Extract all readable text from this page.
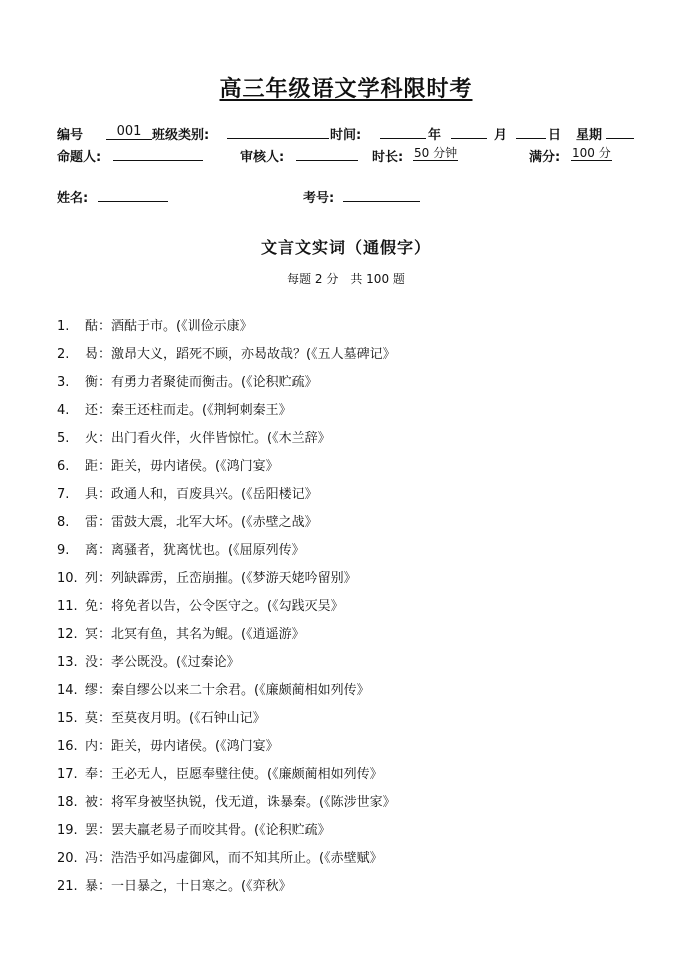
高三年级语文学科限时考
编号	001 班级类别:	时间:	年	月	日 星期
命题人:	审核人:	时长: 50 分钟	满分: 100 分
姓名:	考号:
文言文实词（通假字）
每题 2 分　共 100 题
1. 酤：酒酤于市。(《训俭示康》
2. 曷：激昂大义，蹈死不顾，亦曷故哉？(《五人墓碑记》
3. 衡：有勇力者聚徒而衡击。(《论积贮疏》
4. 还：秦王还柱而走。(《荆轲刺秦王》
5. 火：出门看火伴，火伴皆惊忙。(《木兰辞》
6. 距：距关，毋内诸侯。(《鸿门宴》
7. 具：政通人和，百废具兴。(《岳阳楼记》
8. 雷：雷鼓大震，北军大坏。(《赤壁之战》
9. 离：离骚者，犹离忧也。(《屈原列传》
10. 列：列缺霹雳，丘峦崩摧。(《梦游天姥吟留别》
11. 免：将免者以告，公令医守之。(《勾践灭吴》
12. 冥：北冥有鱼，其名为鲲。(《逍遥游》
13. 没：孝公既没。(《过秦论》
14. 缪：秦自缪公以来二十余君。(《廉颇蔺相如列传》
15. 莫：至莫夜月明。(《石钟山记》
16. 内：距关，毋内诸侯。(《鸿门宴》
17. 奉：王必无人，臣愿奉璧往使。(《廉颇蔺相如列传》
18. 被：将军身被坚执锐，伐无道，诛暴秦。(《陈涉世家》
19. 罢：罢夫羸老易子而咬其骨。(《论积贮疏》
20. 冯：浩浩乎如冯虚御风，而不知其所止。(《赤壁赋》
21. 暴：一日暴之，十日寒之。(《弈秋》
